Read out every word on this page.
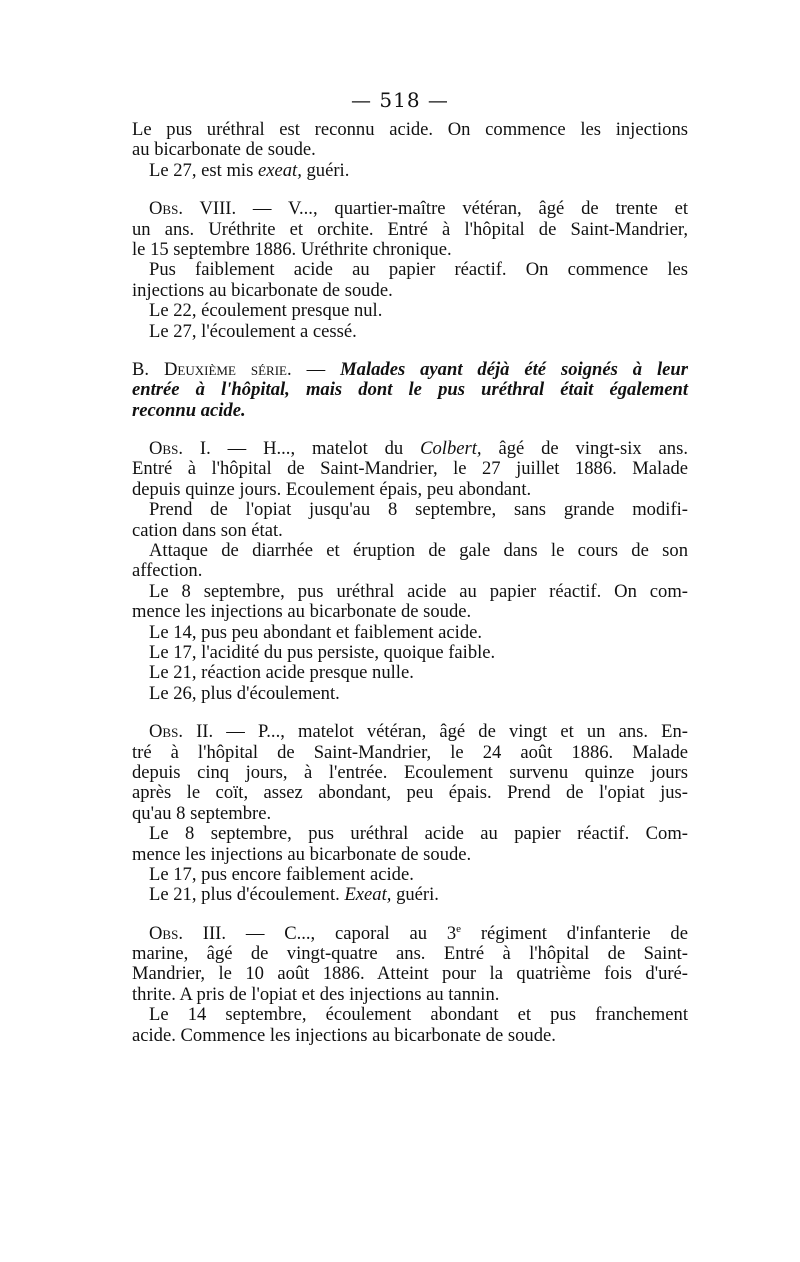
— 518 —
Le pus uréthral est reconnu acide. On commence les injections
au bicarbonate de soude.
Le 27, est mis exeat, guéri.
Obs. VIII. — V..., quartier-maître vétéran, âgé de trente et
un ans. Uréthrite et orchite. Entré à l'hôpital de Saint-Mandrier,
le 15 septembre 1886. Uréthrite chronique.
Pus faiblement acide au papier réactif. On commence les
injections au bicarbonate de soude.
Le 22, écoulement presque nul.
Le 27, l'écoulement a cessé.
B. Deuxième série. — Malades ayant déjà été soignés à leur
entrée à l'hôpital, mais dont le pus uréthral était également
reconnu acide.
Obs. I. — H..., matelot du Colbert, âgé de vingt-six ans.
Entré à l'hôpital de Saint-Mandrier, le 27 juillet 1886. Malade
depuis quinze jours. Ecoulement épais, peu abondant.
Prend de l'opiat jusqu'au 8 septembre, sans grande modifi-
cation dans son état.
Attaque de diarrhée et éruption de gale dans le cours de son
affection.
Le 8 septembre, pus uréthral acide au papier réactif. On com-
mence les injections au bicarbonate de soude.
Le 14, pus peu abondant et faiblement acide.
Le 17, l'acidité du pus persiste, quoique faible.
Le 21, réaction acide presque nulle.
Le 26, plus d'écoulement.
Obs. II. — P..., matelot vétéran, âgé de vingt et un ans. En-
tré à l'hôpital de Saint-Mandrier, le 24 août 1886. Malade
depuis cinq jours, à l'entrée. Ecoulement survenu quinze jours
après le coït, assez abondant, peu épais. Prend de l'opiat jus-
qu'au 8 septembre.
Le 8 septembre, pus uréthral acide au papier réactif. Com-
mence les injections au bicarbonate de soude.
Le 17, pus encore faiblement acide.
Le 21, plus d'écoulement. Exeat, guéri.
Obs. III. — C..., caporal au 3e régiment d'infanterie de
marine, âgé de vingt-quatre ans. Entré à l'hôpital de Saint-
Mandrier, le 10 août 1886. Atteint pour la quatrième fois d'uré-
thrite. A pris de l'opiat et des injections au tannin.
Le 14 septembre, écoulement abondant et pus franchement
acide. Commence les injections au bicarbonate de soude.
